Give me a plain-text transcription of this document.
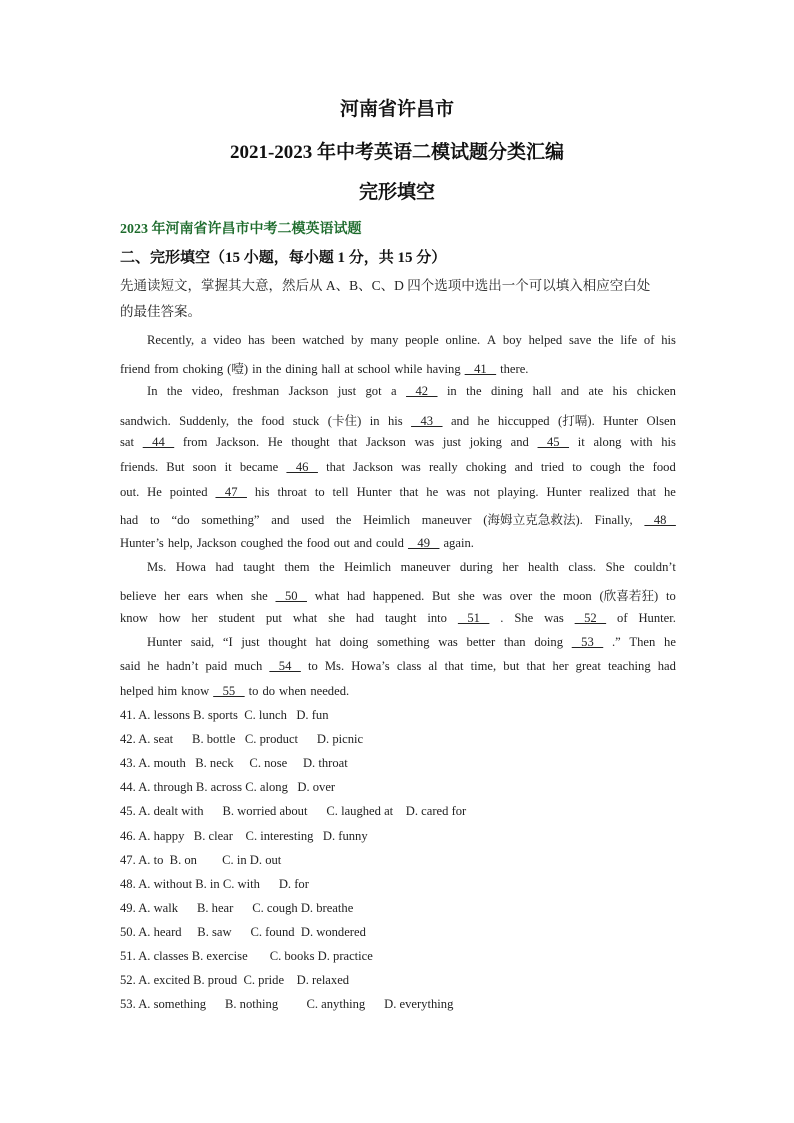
河南省许昌市
2021-2023 年中考英语二模试题分类汇编
完形填空
2023 年河南省许昌市中考二模英语试题
二、完形填空（15 小题，每小题 1 分，共 15 分）
先通读短文，掌握其大意，然后从 A、B、C、D 四个选项中选出一个可以填入相应空白处
的最佳答案。
Recently, a video has been watched by many people online. A boy helped save the life of his
friend from choking (噎) in the dining hall at school while having 41 there.
In the video, freshman Jackson just got a 42 in the dining hall and ate his chicken
sandwich. Suddenly, the food stuck (卡住) in his 43 and he hiccupped (打嗝). Hunter Olsen
sat 44 from Jackson. He thought that Jackson was just joking and 45 it along with his
friends. But soon it became 46 that Jackson was really choking and tried to cough the food
out. He pointed 47 his throat to tell Hunter that he was not playing. Hunter realized that he
had to “do something” and used the Heimlich maneuver (海姆立克急救法). Finally, 48
Hunter’s help, Jackson coughed the food out and could 49 again.
Ms. Howa had taught them the Heimlich maneuver during her health class. She couldn’t
believe her ears when she 50 what had happened. But she was over the moon (欣喜若狂) to
know how her student put what she had taught into 51 . She was 52 of Hunter.
Hunter said, “I just thought hat doing something was better than doing 53 .” Then he
said he hadn’t paid much 54 to Ms. Howa’s class al that time, but that her great teaching had
helped him know 55 to do when needed.
41. A. lessons B. sports  C. lunch   D. fun
42. A. seat      B. bottle   C. product      D. picnic
43. A. mouth   B. neck     C. nose     D. throat
44. A. through B. across C. along   D. over
45. A. dealt with      B. worried about      C. laughed at    D. cared for
46. A. happy   B. clear    C. interesting   D. funny
47. A. to  B. on        C. in D. out
48. A. without B. in C. with      D. for
49. A. walk      B. hear      C. cough D. breathe
50. A. heard     B. saw      C. found  D. wondered
51. A. classes B. exercise       C. books D. practice
52. A. excited B. proud  C. pride    D. relaxed
53. A. something      B. nothing         C. anything      D. everything
